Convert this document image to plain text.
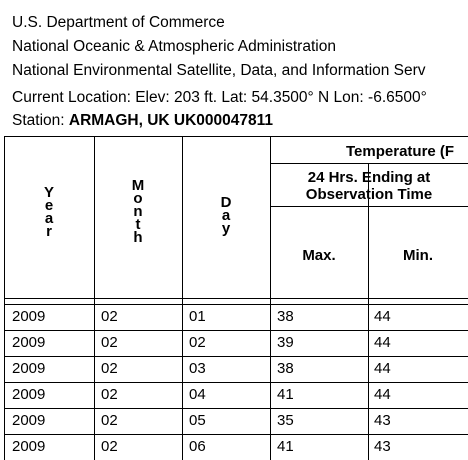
U.S. Department of Commerce
National Oceanic & Atmospheric Administration
National Environmental Satellite, Data, and Information Serv
Current Location: Elev: 203 ft. Lat: 54.3500° N Lon: -6.6500°
Station: ARMAGH, UK UK000047811
Y
e
a
r
M
o
n
t
h
D
a
y
Temperature (F
24 Hrs. Ending at
Observation Time
Max.	Min.
2009	02	01	38	44
2009	02	02	39	44
2009	02	03	38	44
2009	02	04	41	44
2009	02	05	35	43
2009	02	06	41	43
